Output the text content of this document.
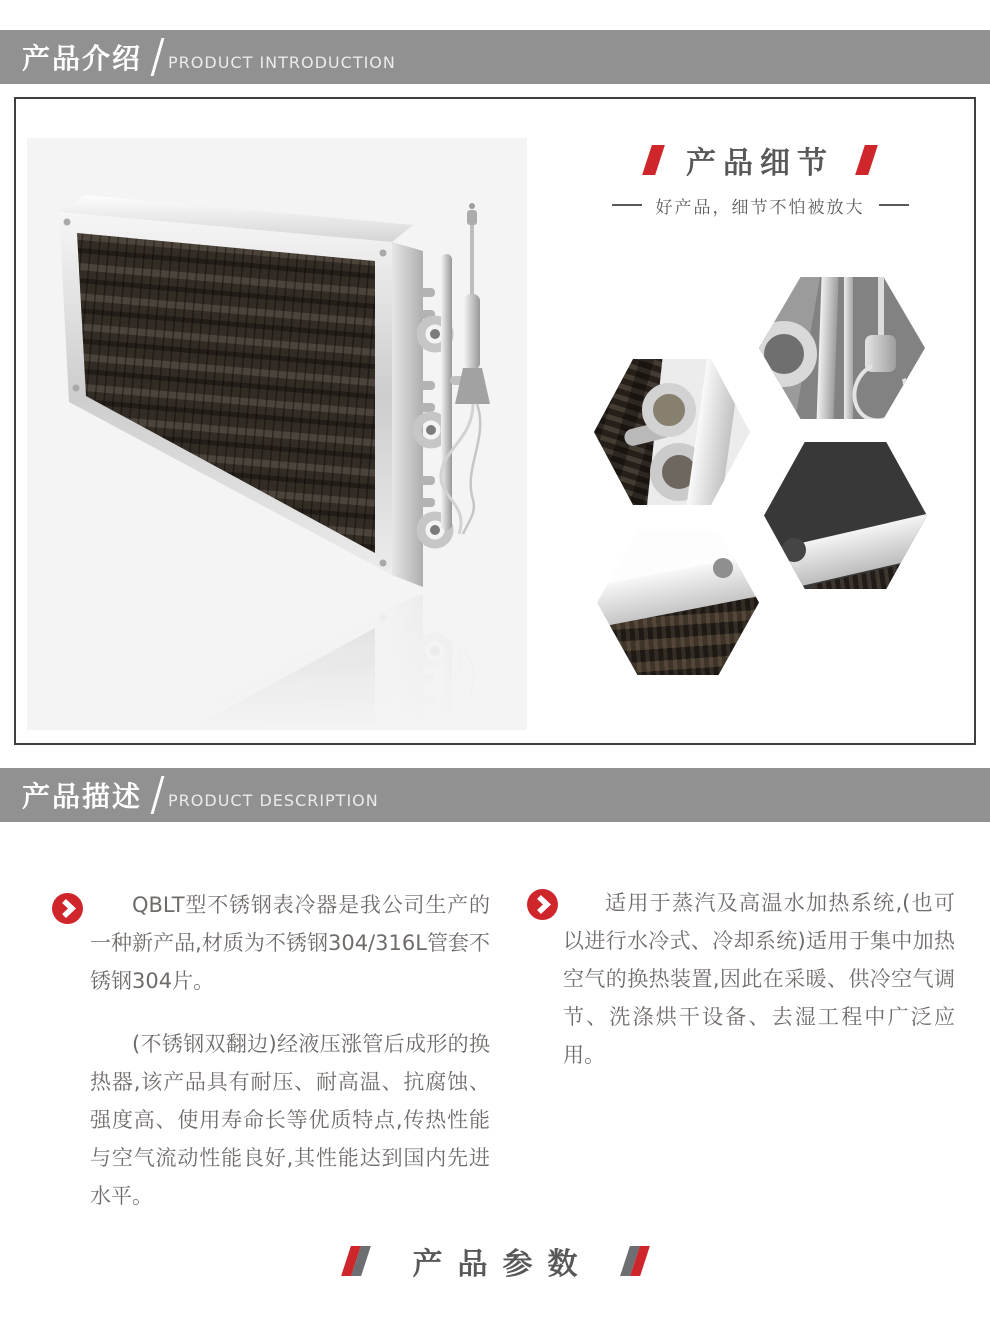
产品介绍 PRODUCT INTRODUCTION
产品细节
好产品，细节不怕被放大
产品描述 PRODUCT DESCRIPTION

QBLT型不锈钢表冷器是我公司生产的一种新产品,材质为不锈钢304/316L管套不锈钢304片。

(不锈钢双翻边)经液压涨管后成形的换热器,该产品具有耐压、耐高温、抗腐蚀、强度高、使用寿命长等优质特点,传热性能与空气流动性能良好,其性能达到国内先进水平。

适用于蒸汽及高温水加热系统,(也可以进行水冷式、冷却系统)适用于集中加热空气的换热装置,因此在采暖、供冷空气调节、洗涤烘干设备、去湿工程中广泛应用。

产品参数
